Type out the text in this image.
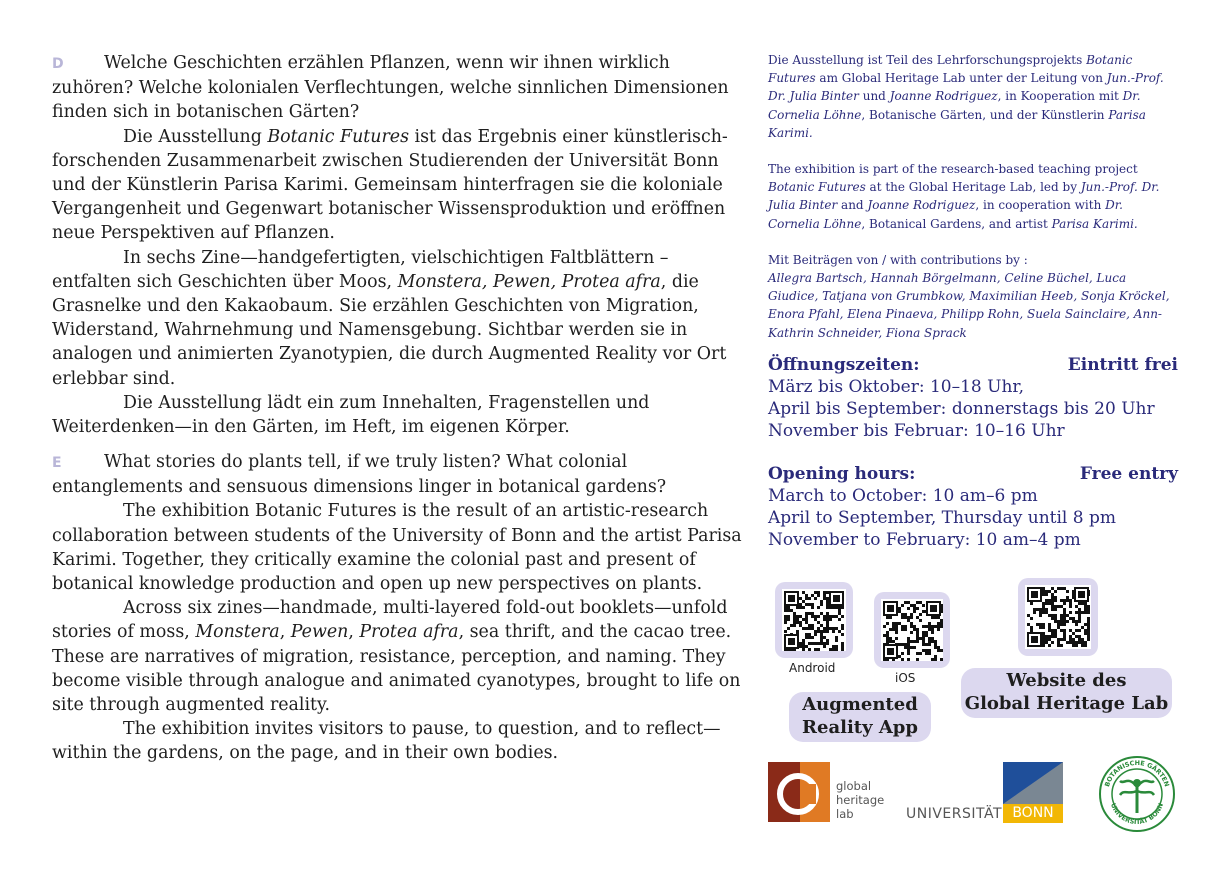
D Welche Geschichten erzählen Pflanzen, wenn wir ihnen wirklich zuhören? Welche kolonialen Verflechtungen, welche sinnlichen Dimensionen finden sich in botanischen Gärten?

Die Ausstellung Botanic Futures ist das Ergebnis einer künstlerisch-forschenden Zusammenarbeit zwischen Studierenden der Universität Bonn und der Künstlerin Parisa Karimi. Gemeinsam hinterfragen sie die koloniale Vergangenheit und Gegenwart botanischer Wissensproduktion und eröffnen neue Perspektiven auf Pflanzen.

In sechs Zine—handgefertigten, vielschichtigen Faltblättern – entfalten sich Geschichten über Moos, Monstera, Pewen, Protea afra, die Grasnelke und den Kakaobaum. Sie erzählen Geschichten von Migration, Widerstand, Wahrnehmung und Namensgebung. Sichtbar werden sie in analogen und animierten Zyanotypien, die durch Augmented Reality vor Ort erlebbar sind.

Die Ausstellung lädt ein zum Innehalten, Fragenstellen und Weiterdenken—in den Gärten, im Heft, im eigenen Körper.

E What stories do plants tell, if we truly listen? What colonial entanglements and sensuous dimensions linger in botanical gardens?

The exhibition Botanic Futures is the result of an artistic-research collaboration between students of the University of Bonn and the artist Parisa Karimi. Together, they critically examine the colonial past and present of botanical knowledge production and open up new perspectives on plants.

Across six zines—handmade, multi-layered fold-out booklets—unfold stories of moss, Monstera, Pewen, Protea afra, sea thrift, and the cacao tree. These are narratives of migration, resistance, perception, and naming. They become visible through analogue and animated cyanotypes, brought to life on site through augmented reality.

The exhibition invites visitors to pause, to question, and to reflect—within the gardens, on the page, and in their own bodies.

Die Ausstellung ist Teil des Lehrforschungsprojekts Botanic Futures am Global Heritage Lab unter der Leitung von Jun.-Prof. Dr. Julia Binter und Joanne Rodriguez, in Kooperation mit Dr. Cornelia Löhne, Botanische Gärten, und der Künstlerin Parisa Karimi.

The exhibition is part of the research-based teaching project Botanic Futures at the Global Heritage Lab, led by Jun.-Prof. Dr. Julia Binter and Joanne Rodriguez, in cooperation with Dr. Cornelia Löhne, Botanical Gardens, and artist Parisa Karimi.

Mit Beiträgen von / with contributions by :

Allegra Bartsch, Hannah Börgelmann, Celine Büchel, Luca Giudice, Tatjana von Grumbkow, Maximilian Heeb, Sonja Kröckel, Enora Pfahl, Elena Pinaeva, Philipp Rohn, Suela Sainclaire, Ann-Kathrin Schneider, Fiona Sprack

Öffnungszeiten:	Eintritt frei

März bis Oktober: 10–18 Uhr,

April bis September: donnerstags bis 20 Uhr

November bis Februar: 10–16 Uhr

Opening hours:	Free entry

March to October: 10 am–6 pm

April to September, Thursday until 8 pm

November to February: 10 am–4 pm

Android
iOS
Augmented
Reality App
Website des
Global Heritage Lab
global
heritage
lab	UNIVERSITÄT BONN
BOTANISCHE GÄRTEN
UNIVERSITÄT BONN
